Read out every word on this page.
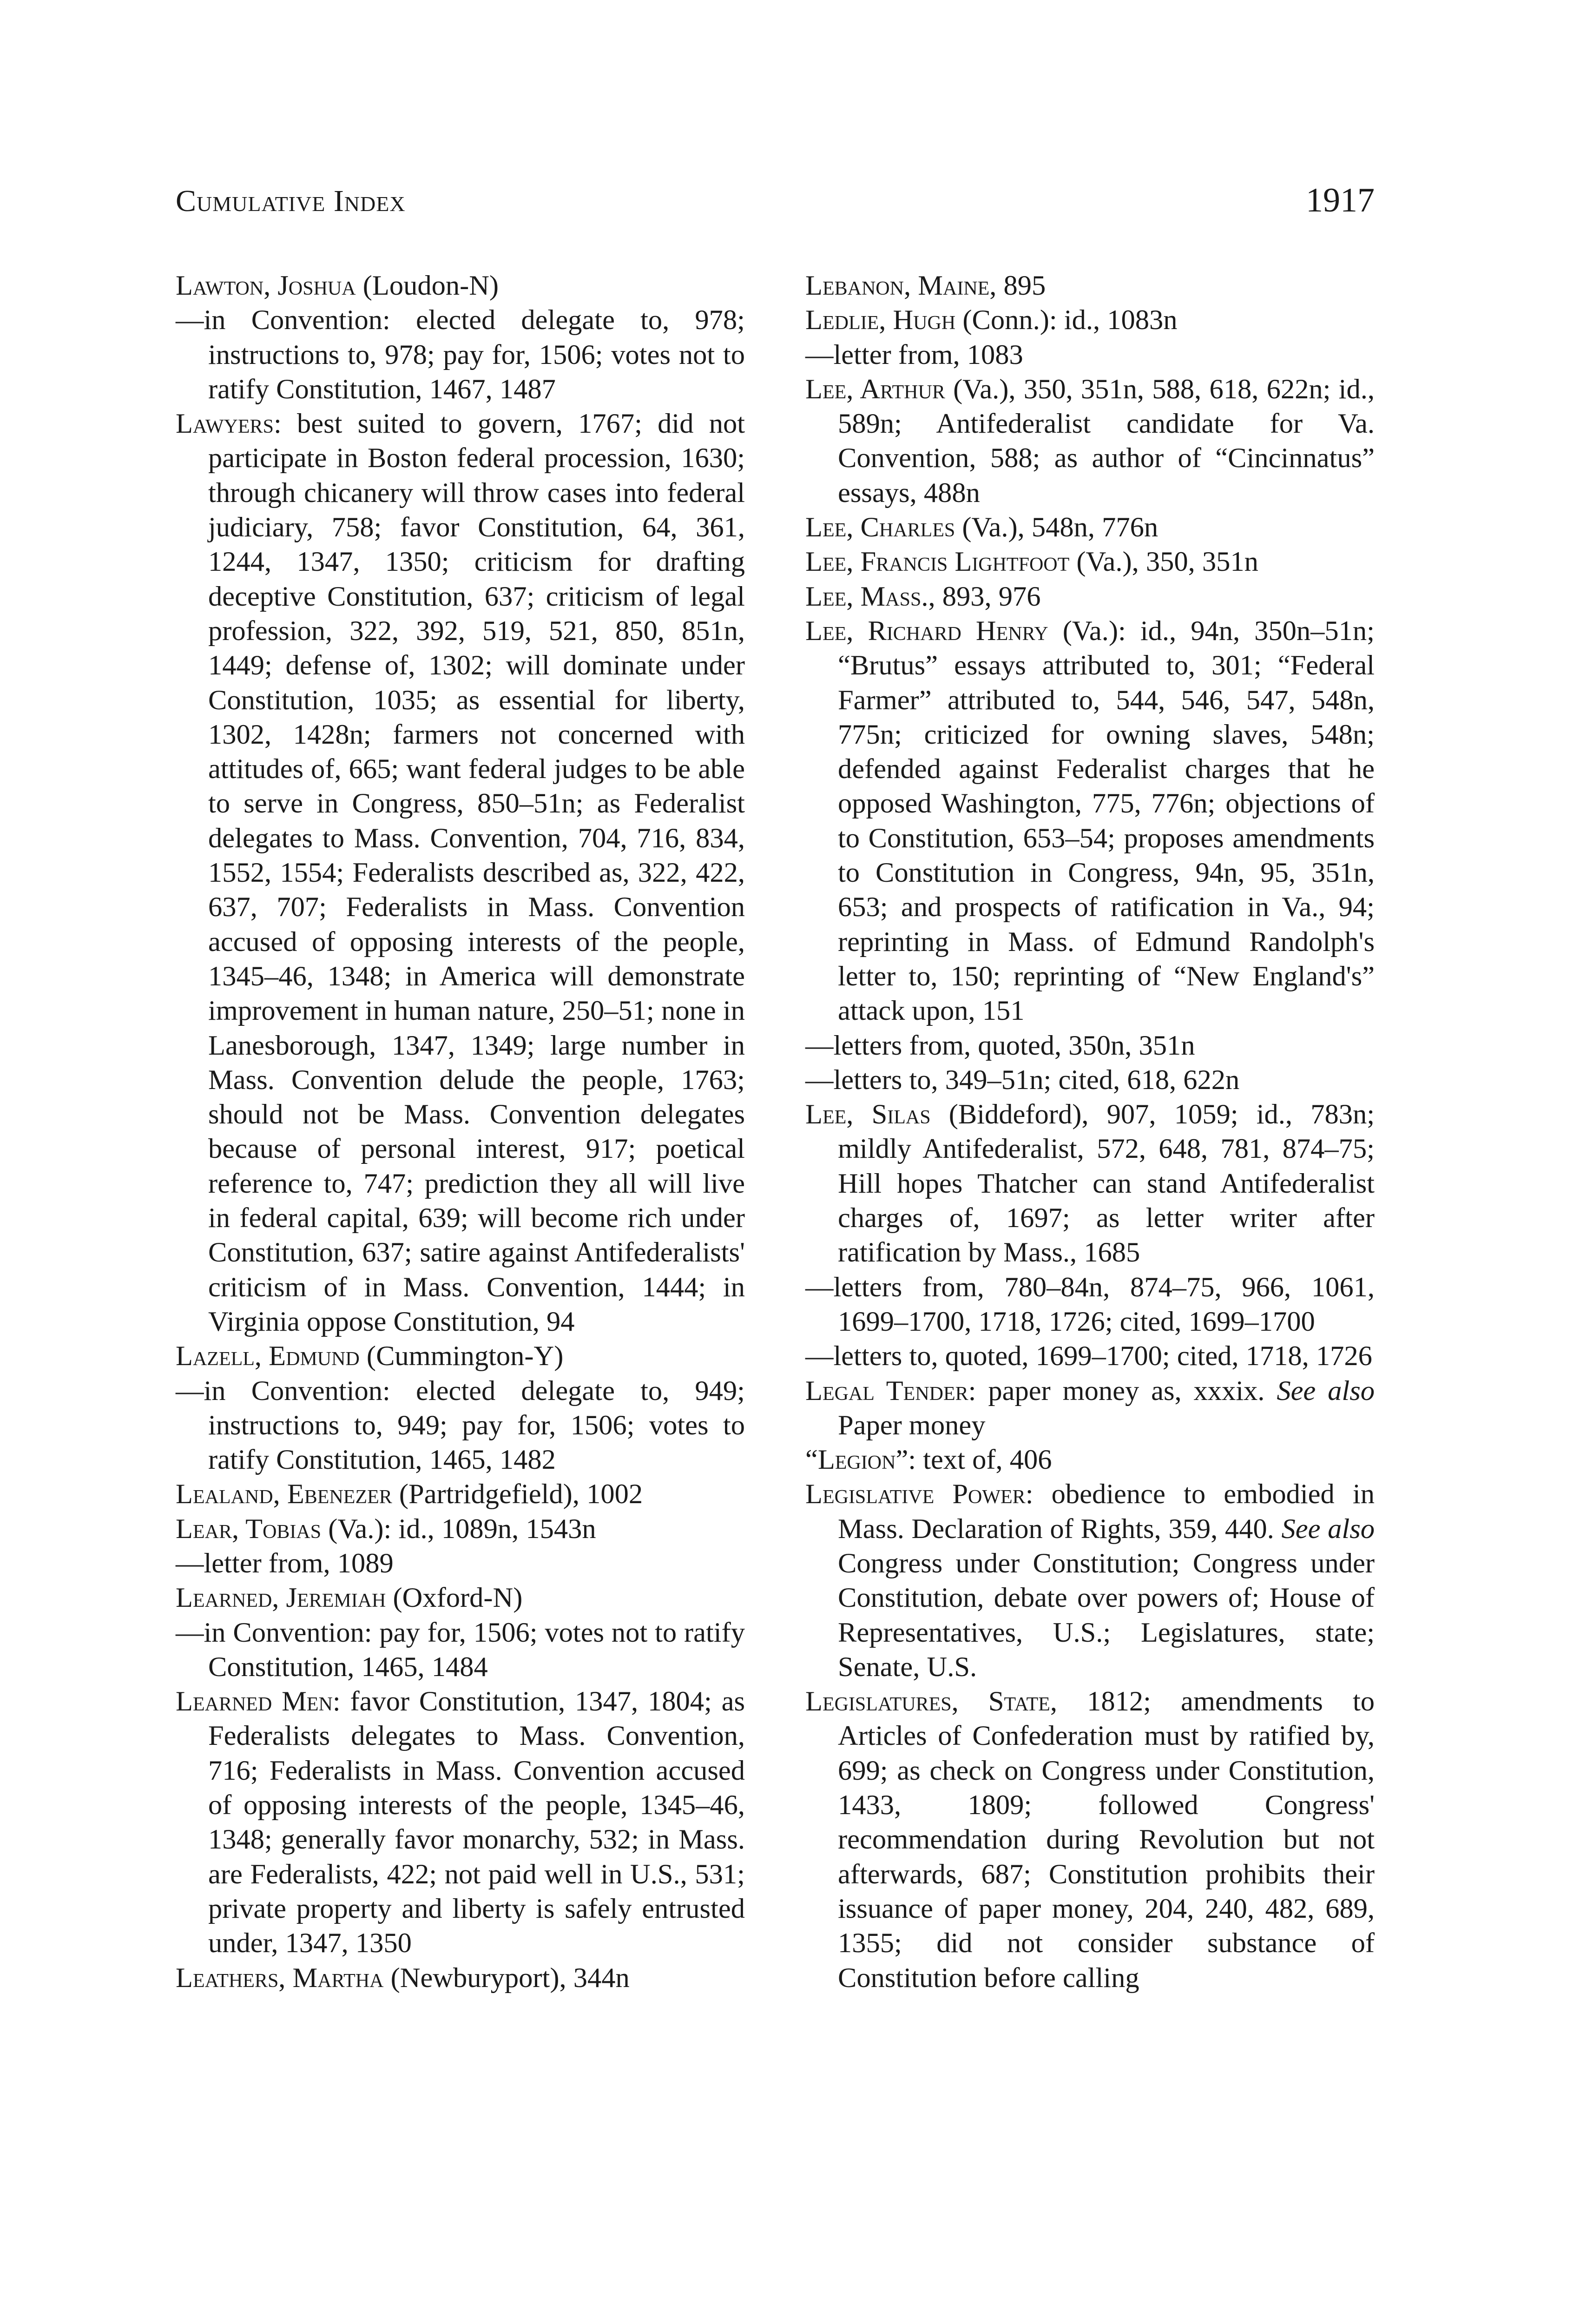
Cumulative Index	1917

Lawton, Joshua (Loudon-N)

—in Convention: elected delegate to, 978; instructions to, 978; pay for, 1506; votes not to ratify Constitution, 1467, 1487

Lawyers: best suited to govern, 1767; did not participate in Boston federal procession, 1630; through chicanery will throw cases into federal judiciary, 758; favor Constitution, 64, 361, 1244, 1347, 1350; criticism for drafting deceptive Constitution, 637; criticism of legal profession, 322, 392, 519, 521, 850, 851n, 1449; defense of, 1302; will dominate under Constitution, 1035; as essential for liberty, 1302, 1428n; farmers not concerned with attitudes of, 665; want federal judges to be able to serve in Congress, 850–51n; as Federalist delegates to Mass. Convention, 704, 716, 834, 1552, 1554; Federalists described as, 322, 422, 637, 707; Federalists in Mass. Convention accused of opposing interests of the people, 1345–46, 1348; in America will demonstrate improvement in human nature, 250–51; none in Lanesborough, 1347, 1349; large number in Mass. Convention delude the people, 1763; should not be Mass. Convention delegates because of personal interest, 917; poetical reference to, 747; prediction they all will live in federal capital, 639; will become rich under Constitution, 637; satire against Antifederalists' criticism of in Mass. Convention, 1444; in Virginia oppose Constitution, 94

Lazell, Edmund (Cummington-Y)

—in Convention: elected delegate to, 949; instructions to, 949; pay for, 1506; votes to ratify Constitution, 1465, 1482

Lealand, Ebenezer (Partridgefield), 1002

Lear, Tobias (Va.): id., 1089n, 1543n

—letter from, 1089

Learned, Jeremiah (Oxford-N)

—in Convention: pay for, 1506; votes not to ratify Constitution, 1465, 1484

Learned Men: favor Constitution, 1347, 1804; as Federalists delegates to Mass. Convention, 716; Federalists in Mass. Convention accused of opposing interests of the people, 1345–46, 1348; generally favor monarchy, 532; in Mass. are Federalists, 422; not paid well in U.S., 531; private property and liberty is safely entrusted under, 1347, 1350

Leathers, Martha (Newburyport), 344n

Lebanon, Maine, 895

Ledlie, Hugh (Conn.): id., 1083n

—letter from, 1083

Lee, Arthur (Va.), 350, 351n, 588, 618, 622n; id., 589n; Antifederalist candidate for Va. Convention, 588; as author of “Cincinnatus” essays, 488n

Lee, Charles (Va.), 548n, 776n

Lee, Francis Lightfoot (Va.), 350, 351n

Lee, Mass., 893, 976

Lee, Richard Henry (Va.): id., 94n, 350n–51n; “Brutus” essays attributed to, 301; “Federal Farmer” attributed to, 544, 546, 547, 548n, 775n; criticized for owning slaves, 548n; defended against Federalist charges that he opposed Washington, 775, 776n; objections of to Constitution, 653–54; proposes amendments to Constitution in Congress, 94n, 95, 351n, 653; and prospects of ratification in Va., 94; reprinting in Mass. of Edmund Randolph's letter to, 150; reprinting of “New England's” attack upon, 151

—letters from, quoted, 350n, 351n

—letters to, 349–51n; cited, 618, 622n

Lee, Silas (Biddeford), 907, 1059; id., 783n; mildly Antifederalist, 572, 648, 781, 874–75; Hill hopes Thatcher can stand Antifederalist charges of, 1697; as letter writer after ratification by Mass., 1685

—letters from, 780–84n, 874–75, 966, 1061, 1699–1700, 1718, 1726; cited, 1699–1700

—letters to, quoted, 1699–1700; cited, 1718, 1726

Legal Tender: paper money as, xxxix. See also Paper money

“Legion”: text of, 406

Legislative Power: obedience to embodied in Mass. Declaration of Rights, 359, 440. See also Congress under Constitution; Congress under Constitution, debate over powers of; House of Representatives, U.S.; Legislatures, state; Senate, U.S.

Legislatures, State, 1812; amendments to Articles of Confederation must by ratified by, 699; as check on Congress under Constitution, 1433, 1809; followed Congress' recommendation during Revolution but not afterwards, 687; Constitution prohibits their issuance of paper money, 204, 240, 482, 689, 1355; did not consider substance of Constitution before calling
